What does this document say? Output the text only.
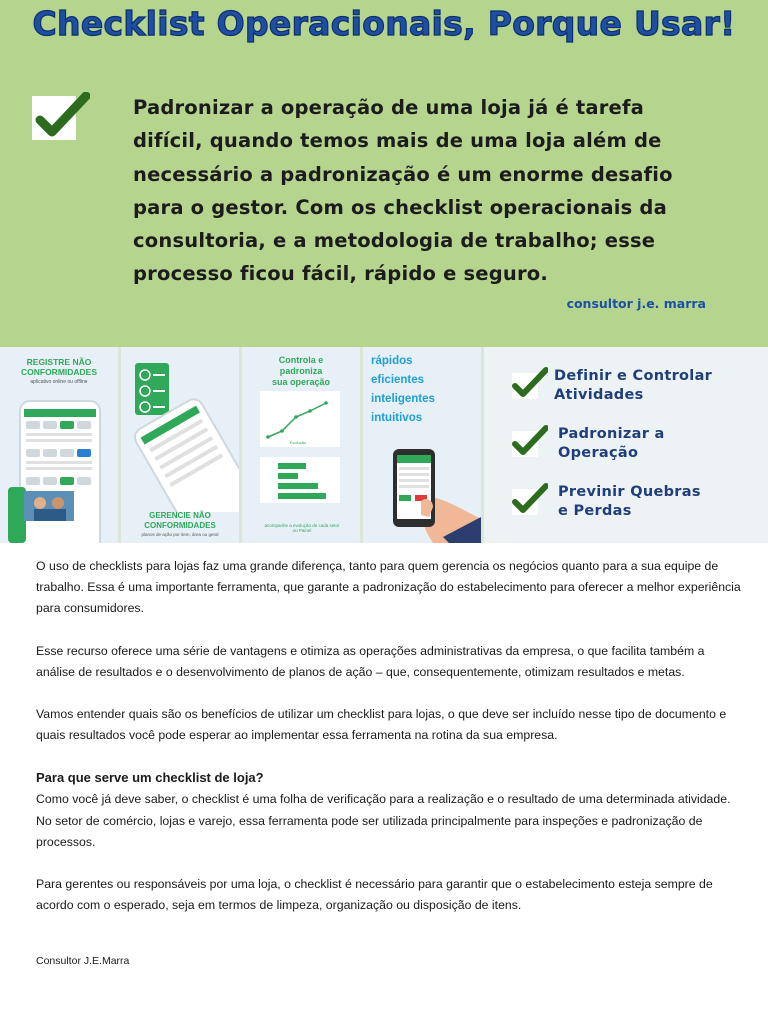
Checklist Operacionais, Porque Usar!
Padronizar a operação de uma loja já é tarefa
difícil, quando temos mais de uma loja além de
necessário a padronização é um enorme desafio
para o gestor. Com os checklist operacionais da
consultoria, e a metodologia de trabalho; esse
processo ficou fácil, rápido e seguro.
consultor j.e. marra
REGISTRE NÃO
CONFORMIDADES
aplicativo online ou offline
GERENCIE NÃO
CONFORMIDADES
planos de ação por item, área ou geral
Controla e
padroniza
sua operação
Evolução
acompanhe a evolução de cada setor ou Painel
rápidos
eficientes
inteligentes
intuitivos
Definir e Controlar
Atividades
Padronizar a
Operação
Previnir Quebras
e Perdas

O uso de checklists para lojas faz uma grande diferença, tanto para quem gerencia os negócios quanto para a sua equipe de trabalho. Essa é uma importante ferramenta, que garante a padronização do estabelecimento para oferecer a melhor experiência para consumidores.

Esse recurso oferece uma série de vantagens e otimiza as operações administrativas da empresa, o que facilita também a análise de resultados e o desenvolvimento de planos de ação – que, consequentemente, otimizam resultados e metas.

Vamos entender quais são os benefícios de utilizar um checklist para lojas, o que deve ser incluído nesse tipo de documento e quais resultados você pode esperar ao implementar essa ferramenta na rotina da sua empresa.

Para que serve um checklist de loja?

Como você já deve saber, o checklist é uma folha de verificação para a realização e o resultado de uma determinada atividade. No setor de comércio, lojas e varejo, essa ferramenta pode ser utilizada principalmente para inspeções e padronização de processos.

Para gerentes ou responsáveis por uma loja, o checklist é necessário para garantir que o estabelecimento esteja sempre de acordo com o esperado, seja em termos de limpeza, organização ou disposição de itens.

Consultor J.E.Marra
